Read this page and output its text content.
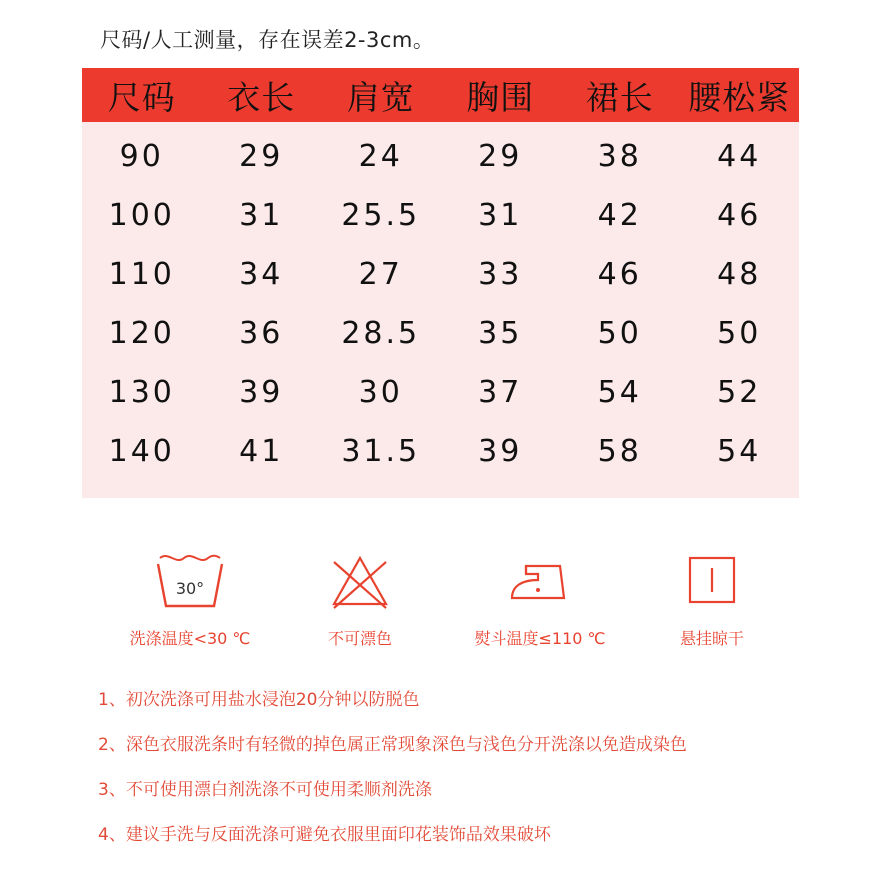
尺码/人工测量，存在误差2-3cm。
尺码	衣长	肩宽	胸围	裙长	腰松紧
90	29	24	29	38	44
100	31	25.5	31	42	46
110	34	27	33	46	48
120	36	28.5	35	50	50
130	39	30	37	54	52
140	41	31.5	39	58	54
30°
洗涤温度<30 ℃	不可漂色	熨斗温度≤110 ℃	悬挂晾干
1、初次洗涤可用盐水浸泡20分钟以防脱色
2、深色衣服洗条时有轻微的掉色属正常现象深色与浅色分开洗涤以免造成染色
3、不可使用漂白剂洗涤不可使用柔顺剂洗涤
4、建议手洗与反面洗涤可避免衣服里面印花装饰品效果破坏
